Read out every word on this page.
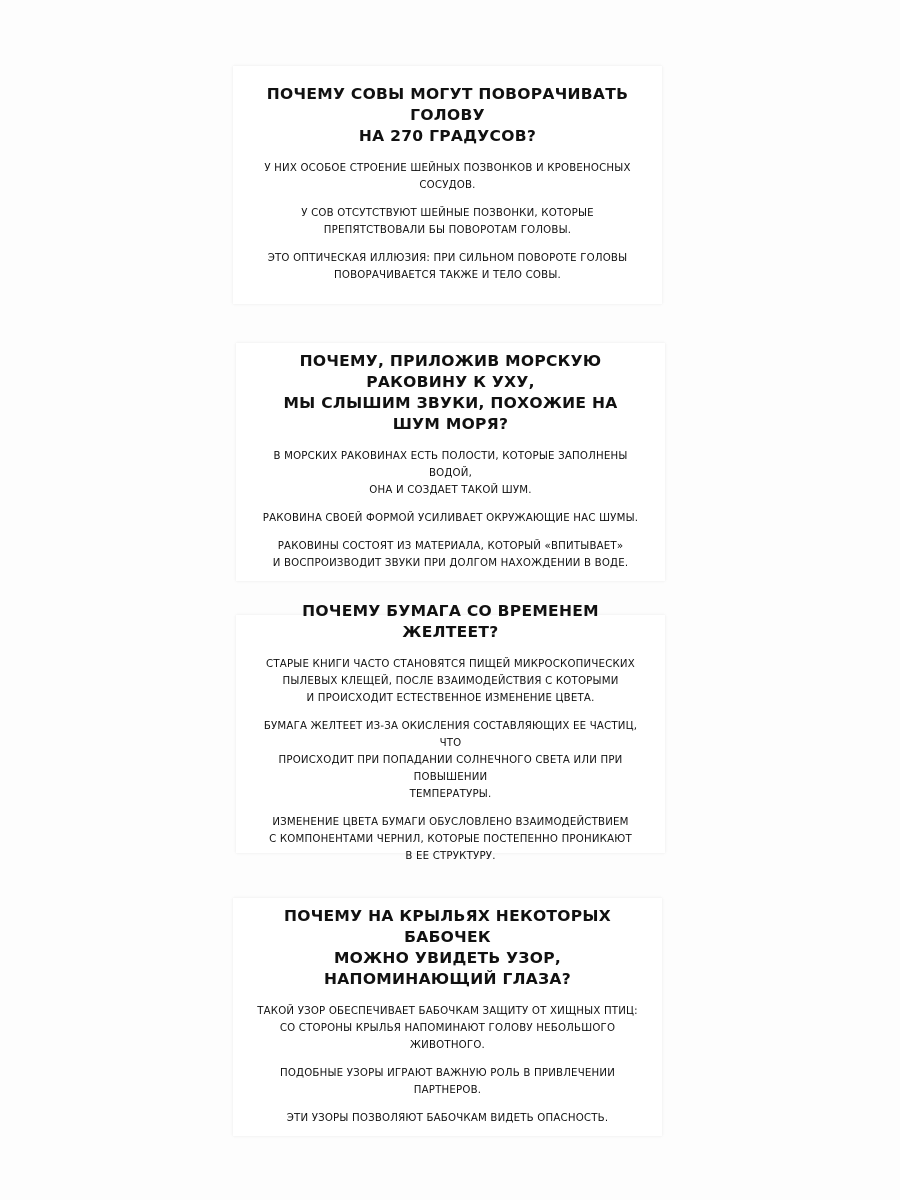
ПОЧЕМУ СОВЫ МОГУТ ПОВОРАЧИВАТЬ ГОЛОВУ
НА 270 ГРАДУСОВ?
У НИХ ОСОБОЕ СТРОЕНИЕ ШЕЙНЫХ ПОЗВОНКОВ И КРОВЕНОСНЫХ
СОСУДОВ.
У СОВ ОТСУТСТВУЮТ ШЕЙНЫЕ ПОЗВОНКИ, КОТОРЫЕ
ПРЕПЯТСТВОВАЛИ БЫ ПОВОРОТАМ ГОЛОВЫ.
ЭТО ОПТИЧЕСКАЯ ИЛЛЮЗИЯ: ПРИ СИЛЬНОМ ПОВОРОТЕ ГОЛОВЫ
ПОВОРАЧИВАЕТСЯ ТАКЖЕ И ТЕЛО СОВЫ.
ПОЧЕМУ, ПРИЛОЖИВ МОРСКУЮ РАКОВИНУ К УХУ,
МЫ СЛЫШИМ ЗВУКИ, ПОХОЖИЕ НА ШУМ МОРЯ?
В МОРСКИХ РАКОВИНАХ ЕСТЬ ПОЛОСТИ, КОТОРЫЕ ЗАПОЛНЕНЫ ВОДОЙ,
ОНА И СОЗДАЕТ ТАКОЙ ШУМ.
РАКОВИНА СВОЕЙ ФОРМОЙ УСИЛИВАЕТ ОКРУЖАЮЩИЕ НАС ШУМЫ.
РАКОВИНЫ СОСТОЯТ ИЗ МАТЕРИАЛА, КОТОРЫЙ «ВПИТЫВАЕТ»
И ВОСПРОИЗВОДИТ ЗВУКИ ПРИ ДОЛГОМ НАХОЖДЕНИИ В ВОДЕ.
ПОЧЕМУ БУМАГА СО ВРЕМЕНЕМ ЖЕЛТЕЕТ?
СТАРЫЕ КНИГИ ЧАСТО СТАНОВЯТСЯ ПИЩЕЙ МИКРОСКОПИЧЕСКИХ
ПЫЛЕВЫХ КЛЕЩЕЙ, ПОСЛЕ ВЗАИМОДЕЙСТВИЯ С КОТОРЫМИ
И ПРОИСХОДИТ ЕСТЕСТВЕННОЕ ИЗМЕНЕНИЕ ЦВЕТА.
БУМАГА ЖЕЛТЕЕТ ИЗ-ЗА ОКИСЛЕНИЯ СОСТАВЛЯЮЩИХ ЕЕ ЧАСТИЦ, ЧТО
ПРОИСХОДИТ ПРИ ПОПАДАНИИ СОЛНЕЧНОГО СВЕТА ИЛИ ПРИ ПОВЫШЕНИИ
ТЕМПЕРАТУРЫ.
ИЗМЕНЕНИЕ ЦВЕТА БУМАГИ ОБУСЛОВЛЕНО ВЗАИМОДЕЙСТВИЕМ
С КОМПОНЕНТАМИ ЧЕРНИЛ, КОТОРЫЕ ПОСТЕПЕННО ПРОНИКАЮТ
В ЕЕ СТРУКТУРУ.
ПОЧЕМУ НА КРЫЛЬЯХ НЕКОТОРЫХ БАБОЧЕК
МОЖНО УВИДЕТЬ УЗОР, НАПОМИНАЮЩИЙ ГЛАЗА?
ТАКОЙ УЗОР ОБЕСПЕЧИВАЕТ БАБОЧКАМ ЗАЩИТУ ОТ ХИЩНЫХ ПТИЦ:
СО СТОРОНЫ КРЫЛЬЯ НАПОМИНАЮТ ГОЛОВУ НЕБОЛЬШОГО ЖИВОТНОГО.
ПОДОБНЫЕ УЗОРЫ ИГРАЮТ ВАЖНУЮ РОЛЬ В ПРИВЛЕЧЕНИИ ПАРТНЕРОВ.
ЭТИ УЗОРЫ ПОЗВОЛЯЮТ БАБОЧКАМ ВИДЕТЬ ОПАСНОСТЬ.
